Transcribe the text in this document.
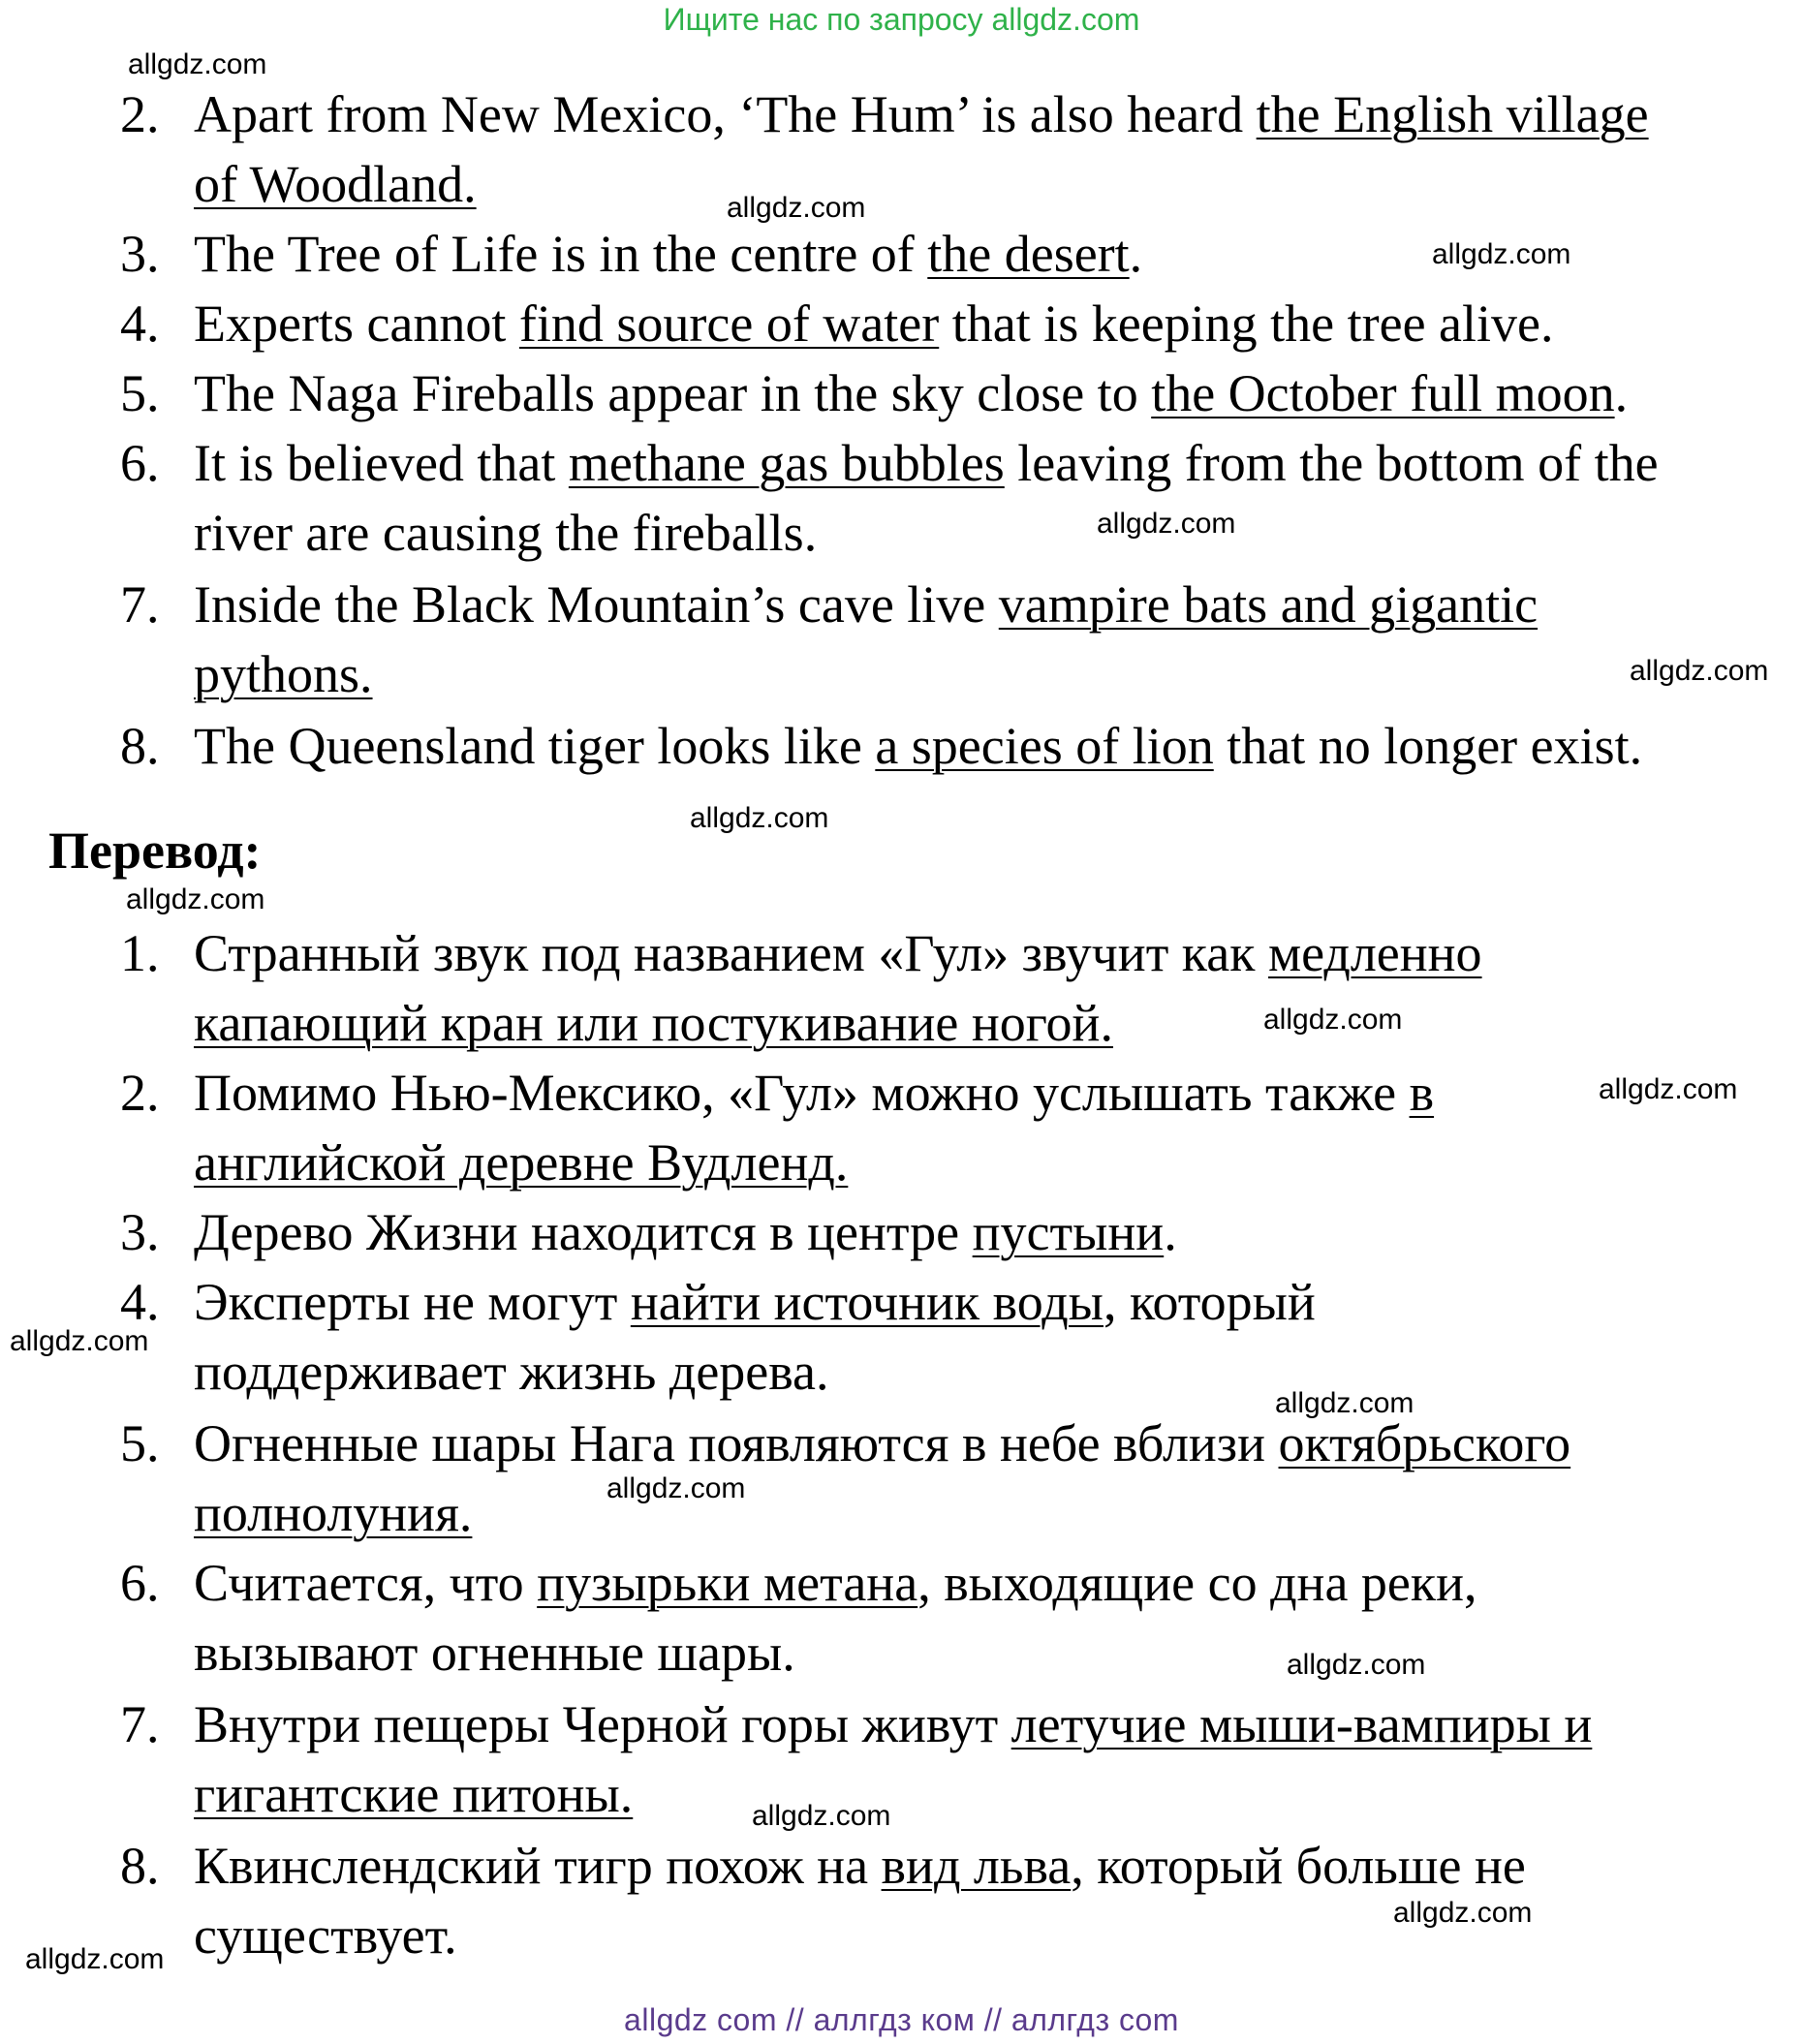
Ищите нас по запросу allgdz.com
2. Apart from New Mexico, ‘The Hum’ is also heard the English village of Woodland.
3. The Tree of Life is in the centre of the desert.
4. Experts cannot find source of water that is keeping the tree alive.
5. The Naga Fireballs appear in the sky close to the October full moon.
6. It is believed that methane gas bubbles leaving from the bottom of the river are causing the fireballs.
7. Inside the Black Mountain’s cave live vampire bats and gigantic pythons.
8. The Queensland tiger looks like a species of lion that no longer exist.
Перевод:
1. Странный звук под названием «Гул» звучит как медленно капающий кран или постукивание ногой.
2. Помимо Нью-Мексико, «Гул» можно услышать также в английской деревне Вудленд.
3. Дерево Жизни находится в центре пустыни.
4. Эксперты не могут найти источник воды, который поддерживает жизнь дерева.
5. Огненные шары Нага появляются в небе вблизи октябрьского полнолуния.
6. Считается, что пузырьки метана, выходящие со дна реки, вызывают огненные шары.
7. Внутри пещеры Черной горы живут летучие мыши-вампиры и гигантские питоны.
8. Квинслендский тигр похож на вид льва, который больше не существует.
allgdz.com
allgdz.com
allgdz.com
allgdz.com
allgdz.com
allgdz.com
allgdz.com
allgdz.com
allgdz.com
allgdz.com
allgdz.com
allgdz.com
allgdz.com
allgdz.com
allgdz.com
allgdz.com
allgdz com // аллгдз ком // аллгдз com
